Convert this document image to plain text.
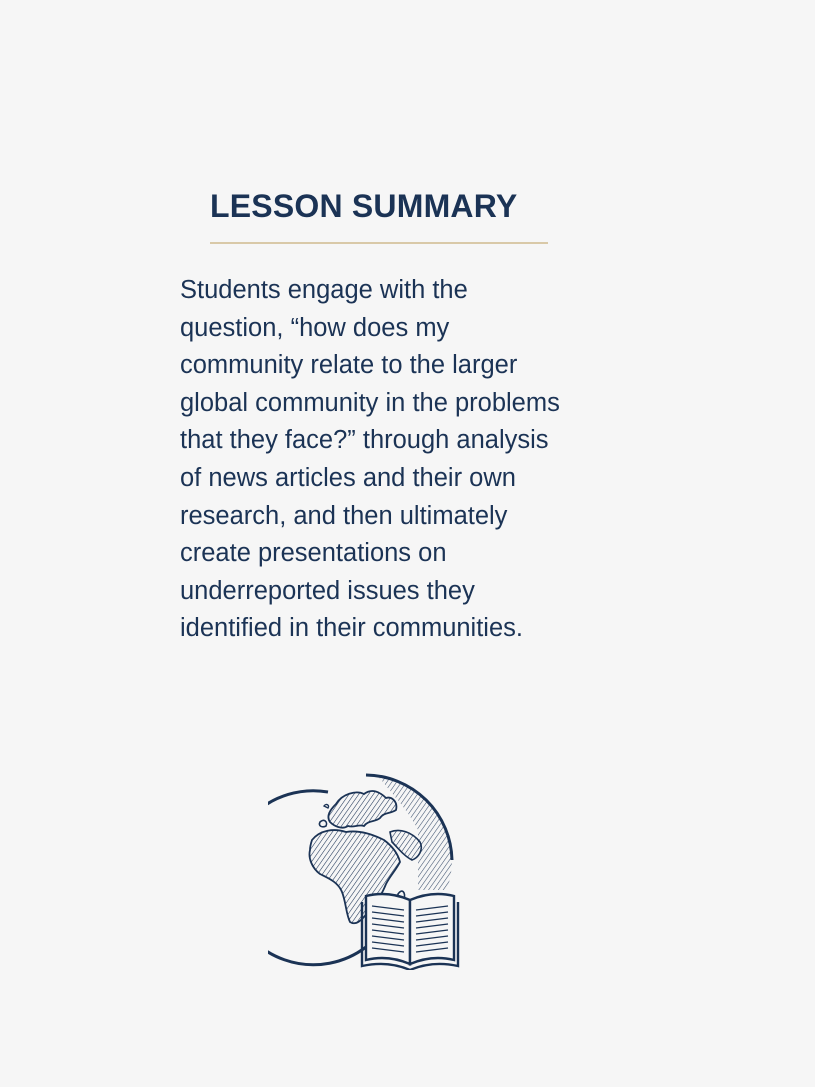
LESSON SUMMARY

Students engage with the
question, “how does my
community relate to the larger
global community in the problems
that they face?” through analysis
of news articles and their own
research, and then ultimately
create presentations on
underreported issues they
identified in their communities.
